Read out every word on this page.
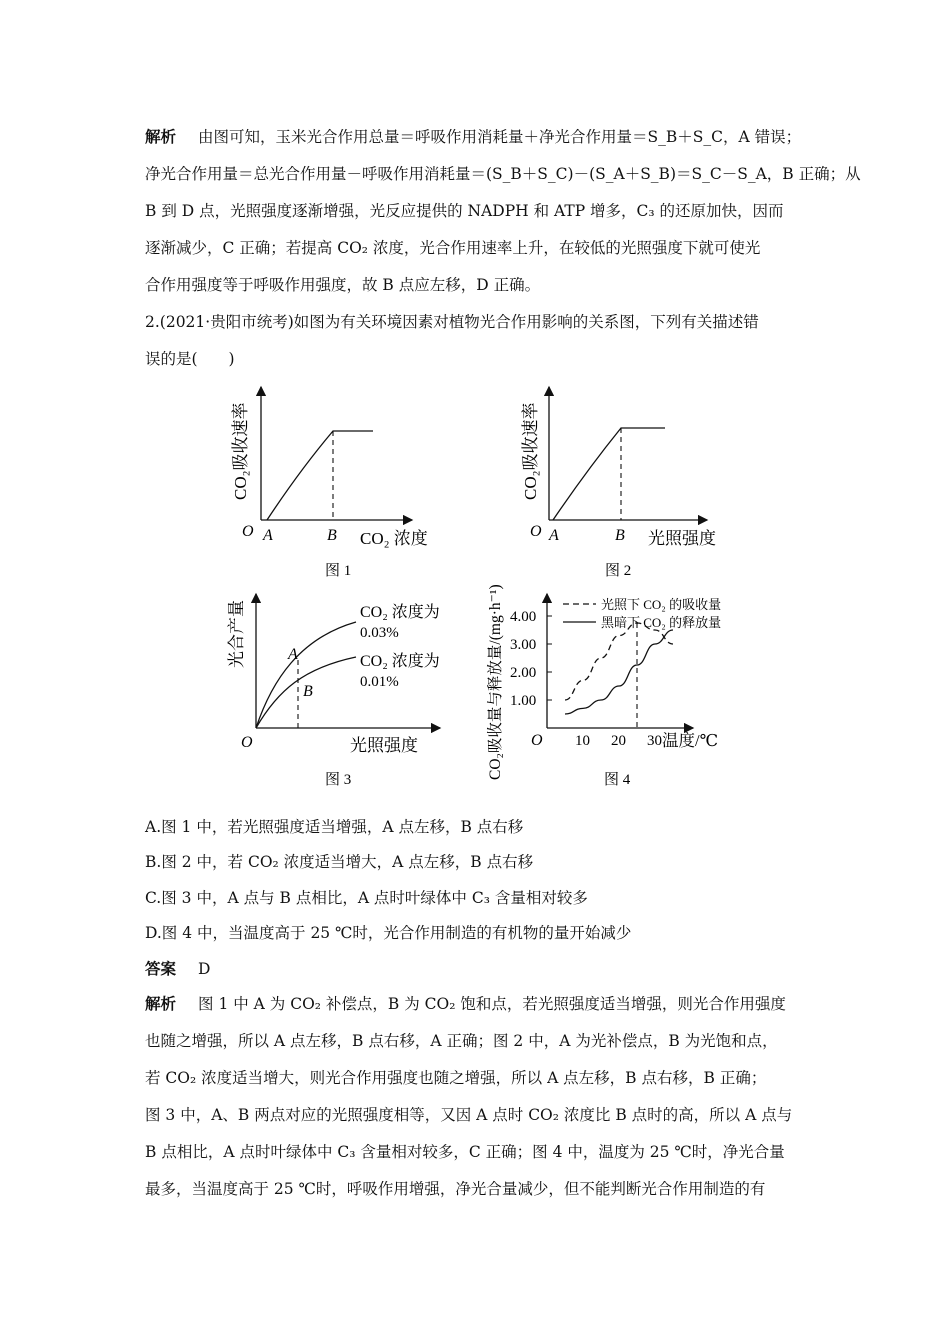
解析 由图可知，玉米光合作用总量＝呼吸作用消耗量＋净光合作用量＝S_B＋S_C，A 错误；
净光合作用量＝总光合作用量－呼吸作用消耗量＝(S_B＋S_C)－(S_A＋S_B)＝S_C－S_A，B 正确；从
B 到 D 点，光照强度逐渐增强，光反应提供的 NADPH 和 ATP 增多，C₃ 的还原加快，因而
逐渐减少，C 正确；若提高 CO₂ 浓度，光合作用速率上升，在较低的光照强度下就可使光
合作用强度等于呼吸作用强度，故 B 点应左移，D 正确。
2.(2021·贵阳市统考)如图为有关环境因素对植物光合作用影响的关系图，下列有关描述错
误的是(　　)
CO₂吸收速率
O A	B CO₂ 浓度
图 1
CO₂吸收速率
O A	B 光照强度
图 2
光合产量
O
A
B
CO₂ 浓度为
0.03%
CO₂ 浓度为
0.01%
光照强度
图 3
10 20 30
1.00
2.00
3.00
4.00
CO₂吸收量与释放量/(mg·h⁻¹) O	温度/℃
光照下 CO₂ 的吸收量
黑暗下 CO₂ 的释放量
图 4
A.图 1 中，若光照强度适当增强，A 点左移，B 点右移
B.图 2 中，若 CO₂ 浓度适当增大，A 点左移，B 点右移
C.图 3 中，A 点与 B 点相比，A 点时叶绿体中 C₃ 含量相对较多
D.图 4 中，当温度高于 25 ℃时，光合作用制造的有机物的量开始减少
答案 D
解析 图 1 中 A 为 CO₂ 补偿点，B 为 CO₂ 饱和点，若光照强度适当增强，则光合作用强度
也随之增强，所以 A 点左移，B 点右移，A 正确；图 2 中，A 为光补偿点，B 为光饱和点，
若 CO₂ 浓度适当增大，则光合作用强度也随之增强，所以 A 点左移，B 点右移，B 正确；
图 3 中，A、B 两点对应的光照强度相等，又因 A 点时 CO₂ 浓度比 B 点时的高，所以 A 点与
B 点相比，A 点时叶绿体中 C₃ 含量相对较多，C 正确；图 4 中，温度为 25 ℃时，净光合量
最多，当温度高于 25 ℃时，呼吸作用增强，净光合量减少，但不能判断光合作用制造的有
